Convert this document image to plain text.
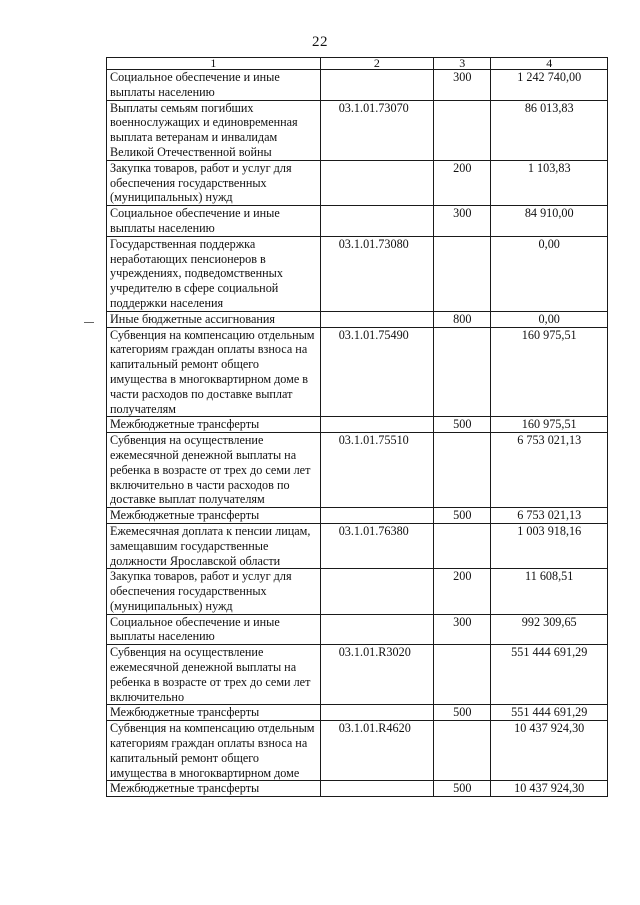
22
1	2	3	4
Социальное обеспечение и иные выплаты населению		300	1 242 740,00
Выплаты семьям погибших военнослужащих и единовременная выплата ветеранам и инвалидам Великой Отечественной войны	03.1.01.73070		86 013,83
Закупка товаров, работ и услуг для обеспечения государственных (муниципальных) нужд		200	1 103,83
Социальное обеспечение и иные выплаты населению		300	84 910,00
Государственная поддержка неработающих пенсионеров в учреждениях, подведомственных учредителю в сфере социальной поддержки населения	03.1.01.73080		0,00
Иные бюджетные ассигнования		800	0,00
Субвенция на компенсацию отдельным категориям граждан оплаты взноса на капитальный ремонт общего имущества в многоквартирном доме в части расходов по доставке выплат получателям	03.1.01.75490		160 975,51
Межбюджетные трансферты		500	160 975,51
Субвенция на осуществление ежемесячной денежной выплаты на ребенка в возрасте от трех до семи лет включительно в части расходов по доставке выплат получателям	03.1.01.75510		6 753 021,13
Межбюджетные трансферты		500	6 753 021,13
Ежемесячная доплата к пенсии лицам, замещавшим государственные должности Ярославской области	03.1.01.76380		1 003 918,16
Закупка товаров, работ и услуг для обеспечения государственных (муниципальных) нужд		200	11 608,51
Социальное обеспечение и иные выплаты населению		300	992 309,65
Субвенция на осуществление ежемесячной денежной выплаты на ребенка в возрасте от трех до семи лет включительно	03.1.01.R3020		551 444 691,29
Межбюджетные трансферты		500	551 444 691,29
Субвенция на компенсацию отдельным категориям граждан оплаты взноса на капитальный ремонт общего имущества в многоквартирном доме	03.1.01.R4620		10 437 924,30
Межбюджетные трансферты		500	10 437 924,30
